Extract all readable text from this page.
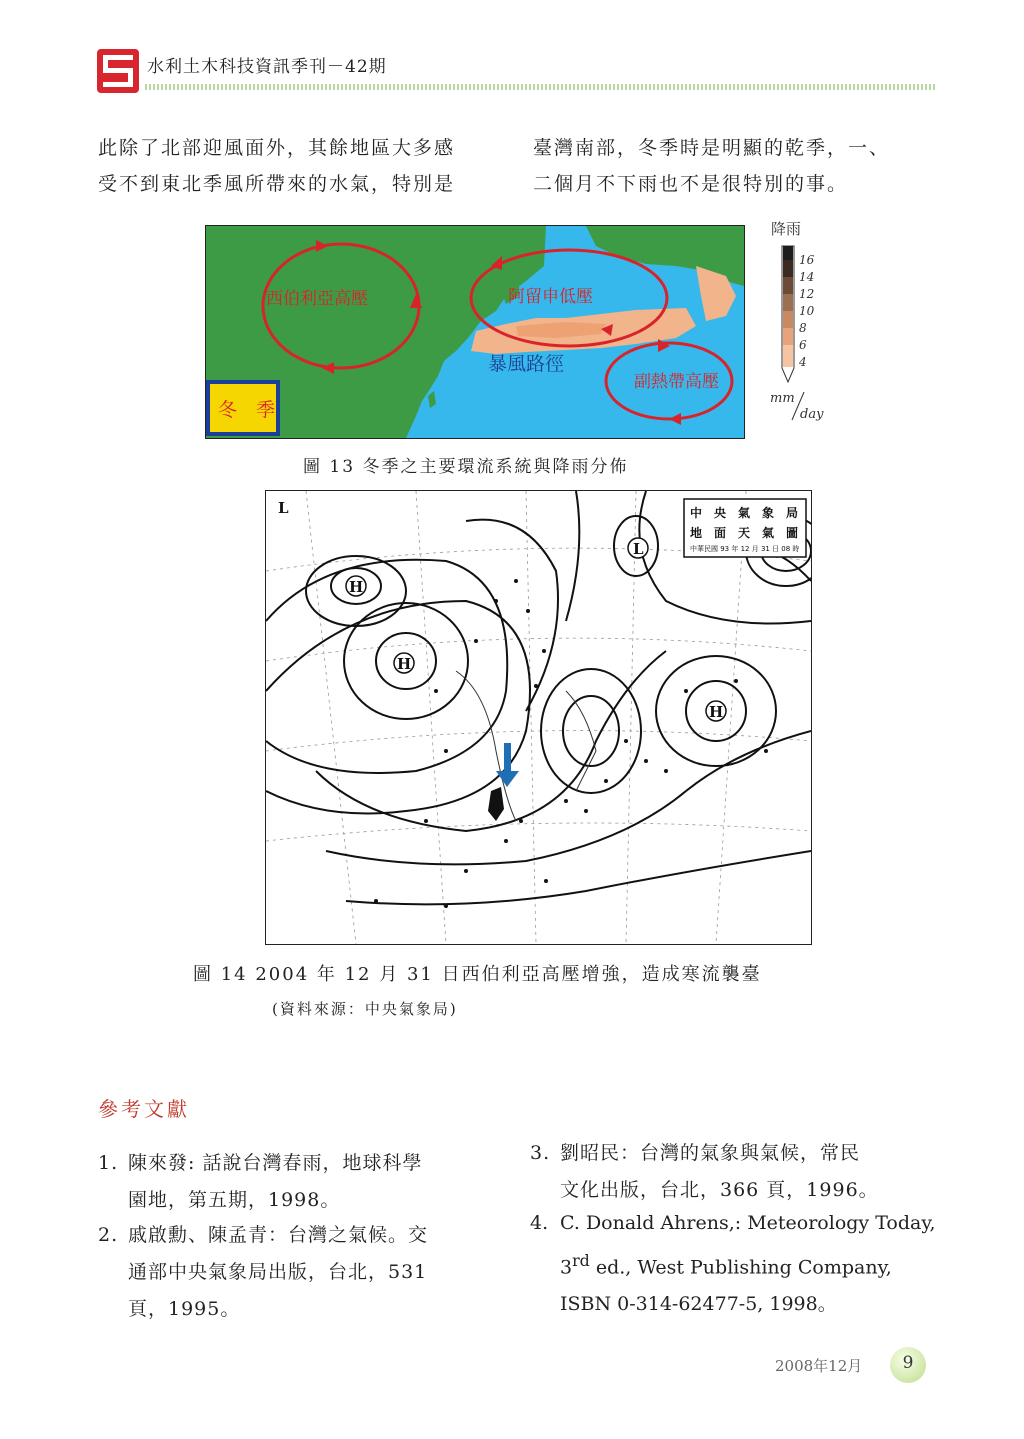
水利土木科技資訊季刊－42期
此除了北部迎風面外，其餘地區大多感
受不到東北季風所帶來的水氣，特別是
臺灣南部，冬季時是明顯的乾季，一、
二個月不下雨也不是很特別的事。
西伯利亞高壓	阿留申低壓
暴風路徑
副熱帶高壓
冬　季
降雨
16
14
12
10
8
6
4
mm
day
圖 13 冬季之主要環流系統與降雨分佈
H
H
H
L
L
中　央　氣　象　局
地　面　天　氣　圖
中華民國 93 年 12 月 31 日 08 時
圖 14 2004 年 12 月 31 日西伯利亞高壓增強，造成寒流襲臺
(資料來源：中央氣象局)
參考文獻
1. 陳來發: 話說台灣春雨，地球科學
園地，第五期，1998。
2. 戚啟勳、陳孟青：台灣之氣候。交
通部中央氣象局出版，台北，531
頁，1995。
3. 劉昭民：台灣的氣象與氣候，常民
文化出版，台北，366 頁，1996。
4. C. Donald Ahrens,: Meteorology Today,
3rd ed., West Publishing Company,
ISBN 0-314-62477-5, 1998。
2008年12月	9
